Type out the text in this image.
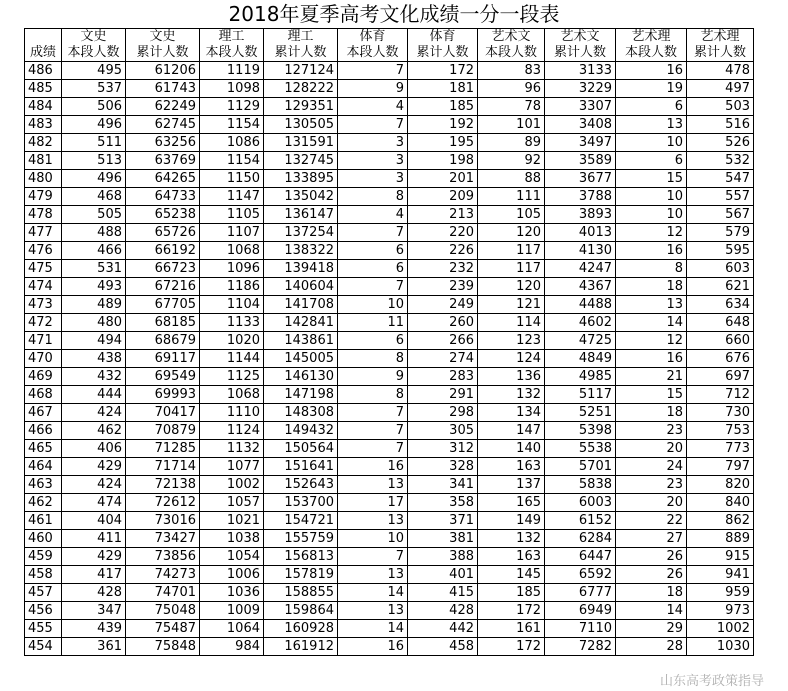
2018年夏季高考文化成绩一分一段表
	文史	文史	理工	理工	体育	体育	艺术文	艺术文	艺术理	艺术理
成绩	本段人数	累计人数	本段人数	累计人数	本段人数	累计人数	本段人数	累计人数	本段人数	累计人数
486	495	61206	1119	127124	7	172	83	3133	16	478
485	537	61743	1098	128222	9	181	96	3229	19	497
484	506	62249	1129	129351	4	185	78	3307	6	503
483	496	62745	1154	130505	7	192	101	3408	13	516
482	511	63256	1086	131591	3	195	89	3497	10	526
481	513	63769	1154	132745	3	198	92	3589	6	532
480	496	64265	1150	133895	3	201	88	3677	15	547
479	468	64733	1147	135042	8	209	111	3788	10	557
478	505	65238	1105	136147	4	213	105	3893	10	567
477	488	65726	1107	137254	7	220	120	4013	12	579
476	466	66192	1068	138322	6	226	117	4130	16	595
475	531	66723	1096	139418	6	232	117	4247	8	603
474	493	67216	1186	140604	7	239	120	4367	18	621
473	489	67705	1104	141708	10	249	121	4488	13	634
472	480	68185	1133	142841	11	260	114	4602	14	648
471	494	68679	1020	143861	6	266	123	4725	12	660
470	438	69117	1144	145005	8	274	124	4849	16	676
469	432	69549	1125	146130	9	283	136	4985	21	697
468	444	69993	1068	147198	8	291	132	5117	15	712
467	424	70417	1110	148308	7	298	134	5251	18	730
466	462	70879	1124	149432	7	305	147	5398	23	753
465	406	71285	1132	150564	7	312	140	5538	20	773
464	429	71714	1077	151641	16	328	163	5701	24	797
463	424	72138	1002	152643	13	341	137	5838	23	820
462	474	72612	1057	153700	17	358	165	6003	20	840
461	404	73016	1021	154721	13	371	149	6152	22	862
460	411	73427	1038	155759	10	381	132	6284	27	889
459	429	73856	1054	156813	7	388	163	6447	26	915
458	417	74273	1006	157819	13	401	145	6592	26	941
457	428	74701	1036	158855	14	415	185	6777	18	959
456	347	75048	1009	159864	13	428	172	6949	14	973
455	439	75487	1064	160928	14	442	161	7110	29	1002
454	361	75848	984	161912	16	458	172	7282	28	1030
山东高考政策指导
